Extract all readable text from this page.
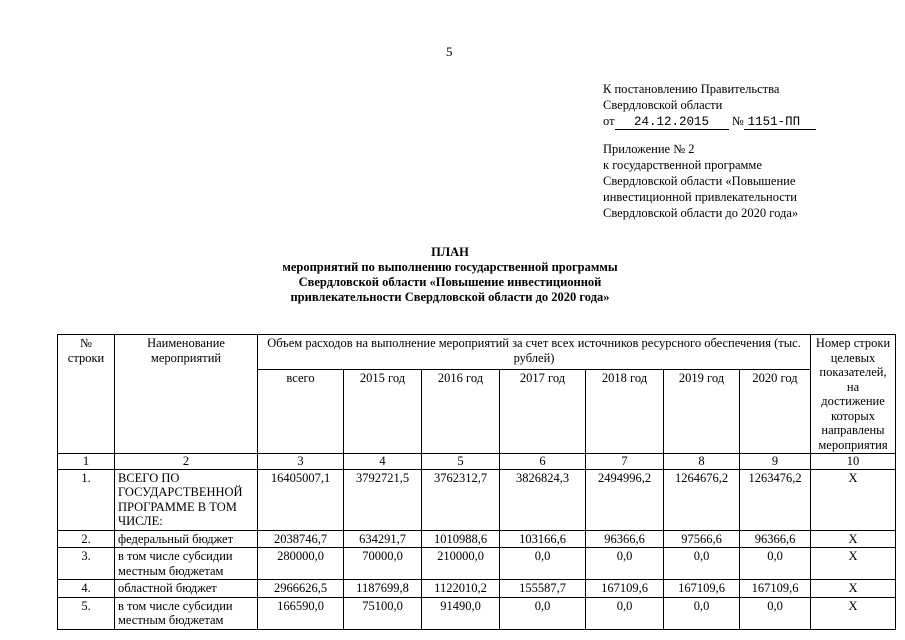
5
К постановлению Правительства
Свердловской области
от 24.12.2015 № 1151-ПП
Приложение № 2
к государственной программе
Свердловской области «Повышение
инвестиционной привлекательности
Свердловской области до 2020 года»
ПЛАН
мероприятий по выполнению государственной программы
Свердловской области «Повышение инвестиционной
привлекательности Свердловской области до 2020 года»
№ строки	Наименование мероприятий	Объем расходов на выполнение мероприятий за счет всех источников ресурсного обеспечения (тыс. рублей)							Номер строки целевых показателей, на достижение которых направлены мероприятия
		всего	2015 год	2016 год	2017 год	2018 год	2019 год	2020 год	
1	2	3	4	5	6	7	8	9	10
1.	ВСЕГО ПО ГОСУДАРСТВЕННОЙ ПРОГРАММЕ В ТОМ ЧИСЛЕ:	16405007,1	3792721,5	3762312,7	3826824,3	2494996,2	1264676,2	1263476,2	Х
2.	федеральный бюджет	2038746,7	634291,7	1010988,6	103166,6	96366,6	97566,6	96366,6	Х
3.	в том числе субсидии местным бюджетам	280000,0	70000,0	210000,0	0,0	0,0	0,0	0,0	Х
4.	областной бюджет	2966626,5	1187699,8	1122010,2	155587,7	167109,6	167109,6	167109,6	Х
5.	в том числе субсидии местным бюджетам	166590,0	75100,0	91490,0	0,0	0,0	0,0	0,0	Х
